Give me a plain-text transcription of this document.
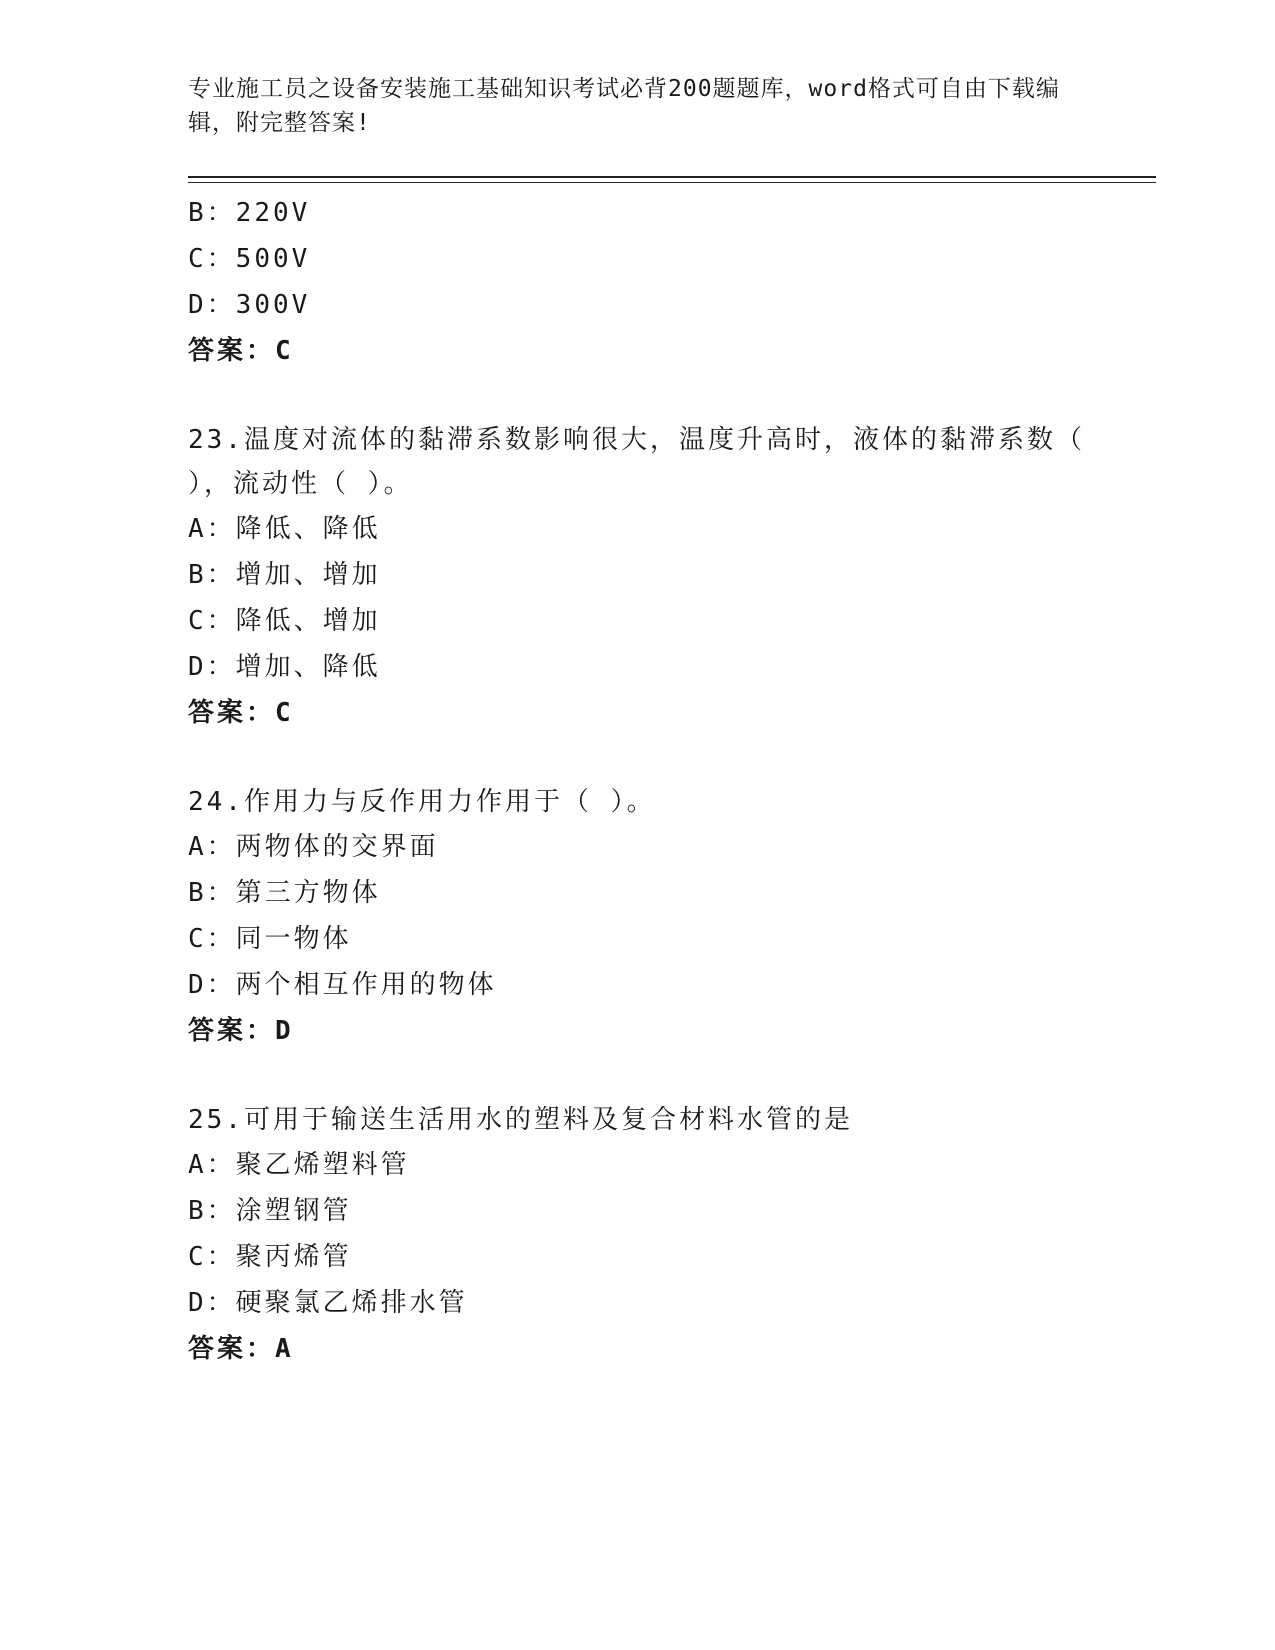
专业施工员之设备安装施工基础知识考试必背200题题库，word格式可自由下载编辑，附完整答案!
B：220V
C：500V
D：300V
答案：C
23.温度对流体的黏滞系数影响很大，温度升高时，液体的黏滞系数（ ），流动性（ ）。
A：降低、降低
B：增加、增加
C：降低、增加
D：增加、降低
答案：C
24.作用力与反作用力作用于（ ）。
A：两物体的交界面
B：第三方物体
C：同一物体
D：两个相互作用的物体
答案：D
25.可用于输送生活用水的塑料及复合材料水管的是
A：聚乙烯塑料管
B：涂塑钢管
C：聚丙烯管
D：硬聚氯乙烯排水管
答案：A
